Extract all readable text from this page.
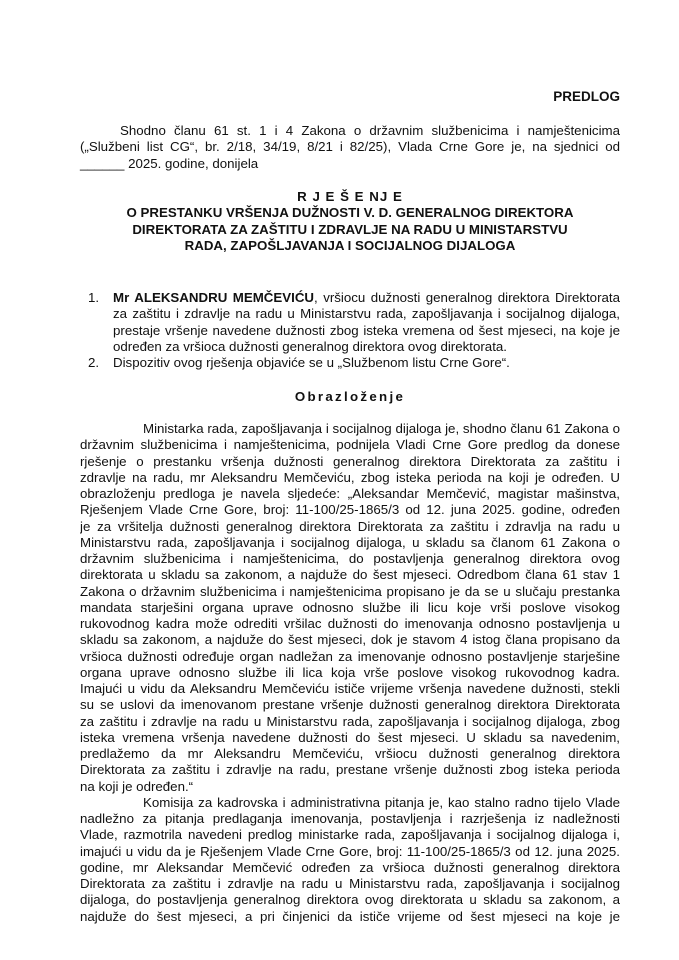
PREDLOG
Shodno članu 61 st. 1 i 4 Zakona o državnim službenicima i namještenicima
(„Službeni list CG“, br. 2/18, 34/19, 8/21 i 82/25), Vlada Crne Gore je, na sjednici od
______ 2025. godine, donijela
R J E Š E NJ E
O PRESTANKU VRŠENJA DUŽNOSTI V. D. GENERALNOG DIREKTORA
DIREKTORATA ZA ZAŠTITU I ZDRAVLJE NA RADU U MINISTARSTVU
RADA, ZAPOŠLJAVANJA I SOCIJALNOG DIJALOGA
1.	Mr ALEKSANDRU MEMČEVIĆU, vršiocu dužnosti generalnog direktora Direktorata
za zaštitu i zdravlje na radu u Ministarstvu rada, zapošljavanja i socijalnog dijaloga,
prestaje vršenje navedene dužnosti zbog isteka vremena od šest mjeseci, na koje je
određen za vršioca dužnosti generalnog direktora ovog direktorata.
2.	Dispozitiv ovog rješenja objaviće se u „Službenom listu Crne Gore“.
Obrazloženje
Ministarka rada, zapošljavanja i socijalnog dijaloga je, shodno članu 61 Zakona o
državnim službenicima i namještenicima, podnijela Vladi Crne Gore predlog da donese
rješenje o prestanku vršenja dužnosti generalnog direktora Direktorata za zaštitu i
zdravlje na radu, mr Aleksandru Memčeviću, zbog isteka perioda na koji je određen. U
obrazloženju predloga je navela sljedeće: „Aleksandar Memčević, magistar mašinstva,
Rješenjem Vlade Crne Gore, broj: 11-100/25-1865/3 od 12. juna 2025. godine, određen
je za vršitelja dužnosti generalnog direktora Direktorata za zaštitu i zdravlja na radu u
Ministarstvu rada, zapošljavanja i socijalnog dijaloga, u skladu sa članom 61 Zakona o
državnim službenicima i namještenicima, do postavljenja generalnog direktora ovog
direktorata u skladu sa zakonom, a najduže do šest mjeseci. Odredbom člana 61 stav 1
Zakona o državnim službenicima i namještenicima propisano je da se u slučaju prestanka
mandata starješini organa uprave odnosno službe ili licu koje vrši poslove visokog
rukovodnog kadra može odrediti vršilac dužnosti do imenovanja odnosno postavljenja u
skladu sa zakonom, a najduže do šest mjeseci, dok je stavom 4 istog člana propisano da
vršioca dužnosti određuje organ nadležan za imenovanje odnosno postavljenje starješine
organa uprave odnosno službe ili lica koja vrše poslove visokog rukovodnog kadra.
Imajući u vidu da Aleksandru Memčeviću ističe vrijeme vršenja navedene dužnosti, stekli
su se uslovi da imenovanom prestane vršenje dužnosti generalnog direktora Direktorata
za zaštitu i zdravlje na radu u Ministarstvu rada, zapošljavanja i socijalnog dijaloga, zbog
isteka vremena vršenja navedene dužnosti do šest mjeseci. U skladu sa navedenim,
predlažemo da mr Aleksandru Memčeviću, vršiocu dužnosti generalnog direktora
Direktorata za zaštitu i zdravlje na radu, prestane vršenje dužnosti zbog isteka perioda
na koji je određen.“
Komisija za kadrovska i administrativna pitanja je, kao stalno radno tijelo Vlade
nadležno za pitanja predlaganja imenovanja, postavljenja i razrješenja iz nadležnosti
Vlade, razmotrila navedeni predlog ministarke rada, zapošljavanja i socijalnog dijaloga i,
imajući u vidu da je Rješenjem Vlade Crne Gore, broj: 11-100/25-1865/3 od 12. juna 2025.
godine, mr Aleksandar Memčević određen za vršioca dužnosti generalnog direktora
Direktorata za zaštitu i zdravlje na radu u Ministarstvu rada, zapošljavanja i socijalnog
dijaloga, do postavljenja generalnog direktora ovog direktorata u skladu sa zakonom, a
najduže do šest mjeseci, a pri činjenici da ističe vrijeme od šest mjeseci na koje je
